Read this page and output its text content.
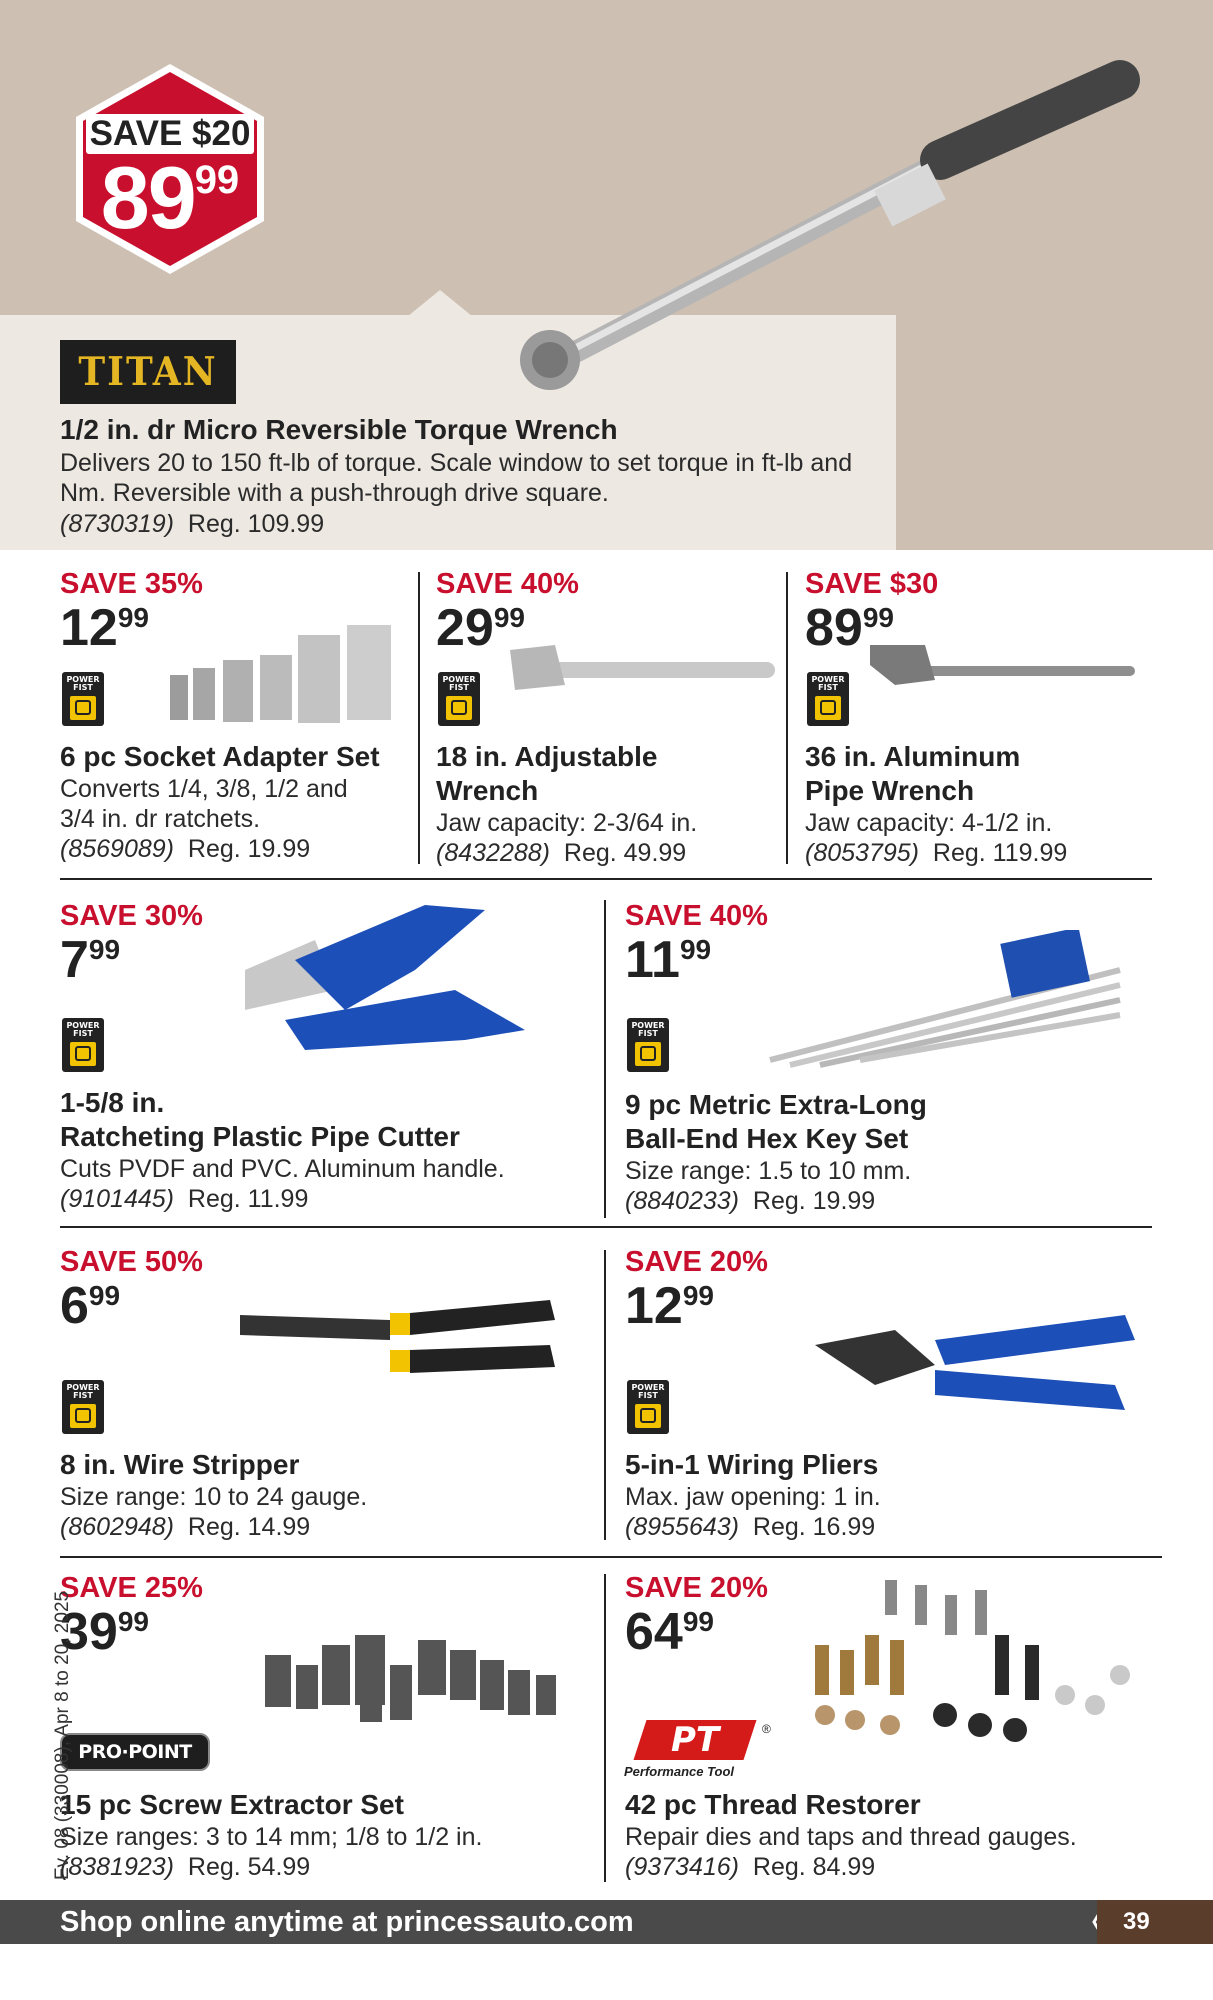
SAVE $20
8999
TITAN
1/2 in. dr Micro Reversible Torque Wrench
Delivers 20 to 150 ft-lb of torque. Scale window to set torque in ft-lb and Nm. Reversible with a push-through drive square.
(8730319) Reg. 109.99
SAVE 35%
1299
POWER
FIST
6 pc Socket Adapter Set
Converts 1/4, 3/8, 1/2 and
3/4 in. dr ratchets.
(8569089) Reg. 19.99
SAVE 40%
2999
POWER
FIST
18 in. Adjustable
Wrench
Jaw capacity: 2-3/64 in.
(8432288) Reg. 49.99
SAVE $30
8999
POWER
FIST
36 in. Aluminum
Pipe Wrench
Jaw capacity: 4-1/2 in.
(8053795) Reg. 119.99
SAVE 30%
799
POWER
FIST
1-5/8 in.
Ratcheting Plastic Pipe Cutter
Cuts PVDF and PVC. Aluminum handle.
(9101445) Reg. 11.99
SAVE 40%
1199
POWER
FIST
9 pc Metric Extra-Long
Ball-End Hex Key Set
Size range: 1.5 to 10 mm.
(8840233) Reg. 19.99
SAVE 50%
699
POWER
FIST
8 in. Wire Stripper
Size range: 10 to 24 gauge.
(8602948) Reg. 14.99
SAVE 20%
1299
POWER
FIST
5-in-1 Wiring Pliers
Max. jaw opening: 1 in.
(8955643) Reg. 16.99
SAVE 25%
3999
15 pc Screw Extractor Set
Size ranges: 3 to 14 mm; 1/8 to 1/2 in.
(8381923) Reg. 54.99
SAVE 20%
6499
42 pc Thread Restorer
Repair dies and taps and thread gauges.
(9373416) Reg. 84.99
PRO·POINT	PT	®
Performance Tool
Ev. 08 (330008), Apr 8 to 20, 2025
Shop online anytime at princessauto.com	39
